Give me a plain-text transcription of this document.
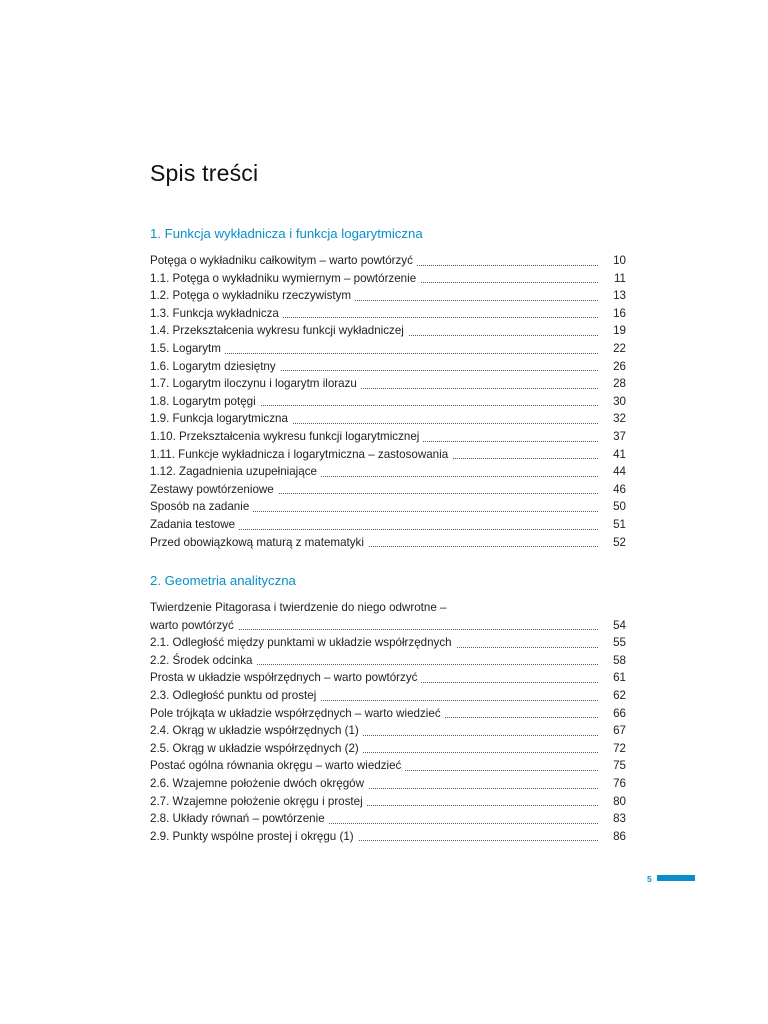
Spis treści
1. Funkcja wykładnicza i funkcja logarytmiczna
Potęga o wykładniku całkowitym – warto powtórzyć	10
1.1. Potęga o wykładniku wymiernym – powtórzenie	11
1.2. Potęga o wykładniku rzeczywistym	13
1.3. Funkcja wykładnicza	16
1.4. Przekształcenia wykresu funkcji wykładniczej	19
1.5. Logarytm	22
1.6. Logarytm dziesiętny	26
1.7. Logarytm iloczynu i logarytm ilorazu	28
1.8. Logarytm potęgi	30
1.9. Funkcja logarytmiczna	32
1.10. Przekształcenia wykresu funkcji logarytmicznej	37
1.11. Funkcje wykładnicza i logarytmiczna – zastosowania	41
1.12. Zagadnienia uzupełniające	44
Zestawy powtórzeniowe	46
Sposób na zadanie	50
Zadania testowe	51
Przed obowiązkową maturą z matematyki	52
2. Geometria analityczna
Twierdzenie Pitagorasa i twierdzenie do niego odwrotne –
warto powtórzyć	54
2.1. Odległość między punktami w układzie współrzędnych	55
2.2. Środek odcinka	58
Prosta w układzie współrzędnych – warto powtórzyć	61
2.3. Odległość punktu od prostej	62
Pole trójkąta w układzie współrzędnych – warto wiedzieć	66
2.4. Okrąg w układzie współrzędnych (1)	67
2.5. Okrąg w układzie współrzędnych (2)	72
Postać ogólna równania okręgu – warto wiedzieć	75
2.6. Wzajemne położenie dwóch okręgów	76
2.7. Wzajemne położenie okręgu i prostej	80
2.8. Układy równań – powtórzenie	83
2.9. Punkty wspólne prostej i okręgu (1)	86
5
